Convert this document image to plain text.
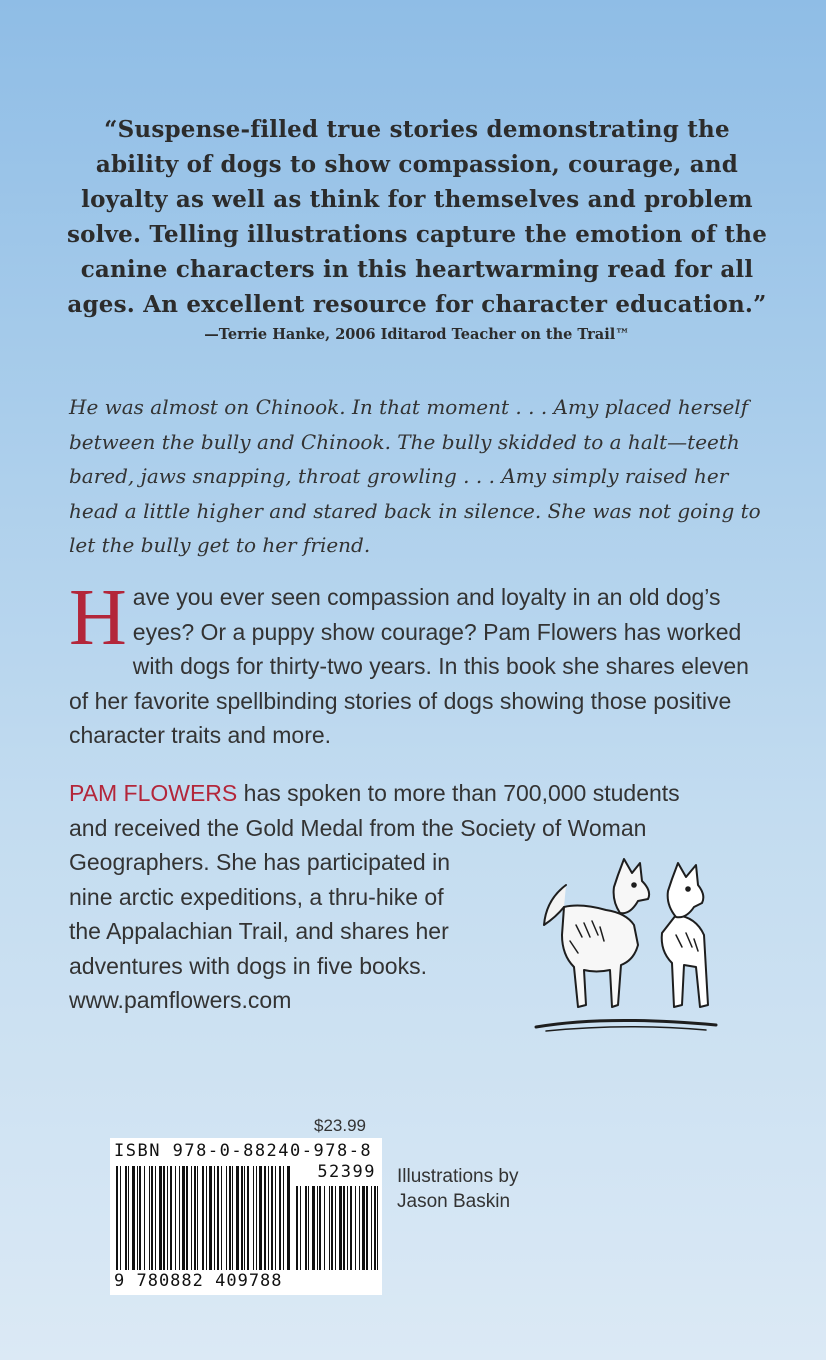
“Suspense-filled true stories demonstrating the ability of dogs to show compassion, courage, and loyalty as well as think for themselves and problem solve. Telling illustrations capture the emotion of the canine characters in this heartwarming read for all ages. An excellent resource for character education.”
—Terrie Hanke, 2006 Iditarod Teacher on the Trail™

He was almost on Chinook. In that moment . . . Amy placed herself between the bully and Chinook. The bully skidded to a halt—teeth bared, jaws snapping, throat growling . . . Amy simply raised her head a little higher and stared back in silence. She was not going to let the bully get to her friend.

H ave you ever seen compassion and loyalty in an old dog’s eyes? Or a puppy show courage? Pam Flowers has worked with dogs for thirty-two years. In this book she shares eleven of her favorite spellbinding stories of dogs showing those positive character traits and more.
PAM FLOWERS has spoken to more than 700,000 students
and received the Gold Medal from the Society of Woman
Geographers. She has participated in
nine arctic expeditions, a thru-hike of
the Appalachian Trail, and shares her
adventures with dogs in five books.
www.pamflowers.com
$23.99
ISBN 978-0-88240-978-8
52399
9 780882 409788
Illustrations by
Jason Baskin
